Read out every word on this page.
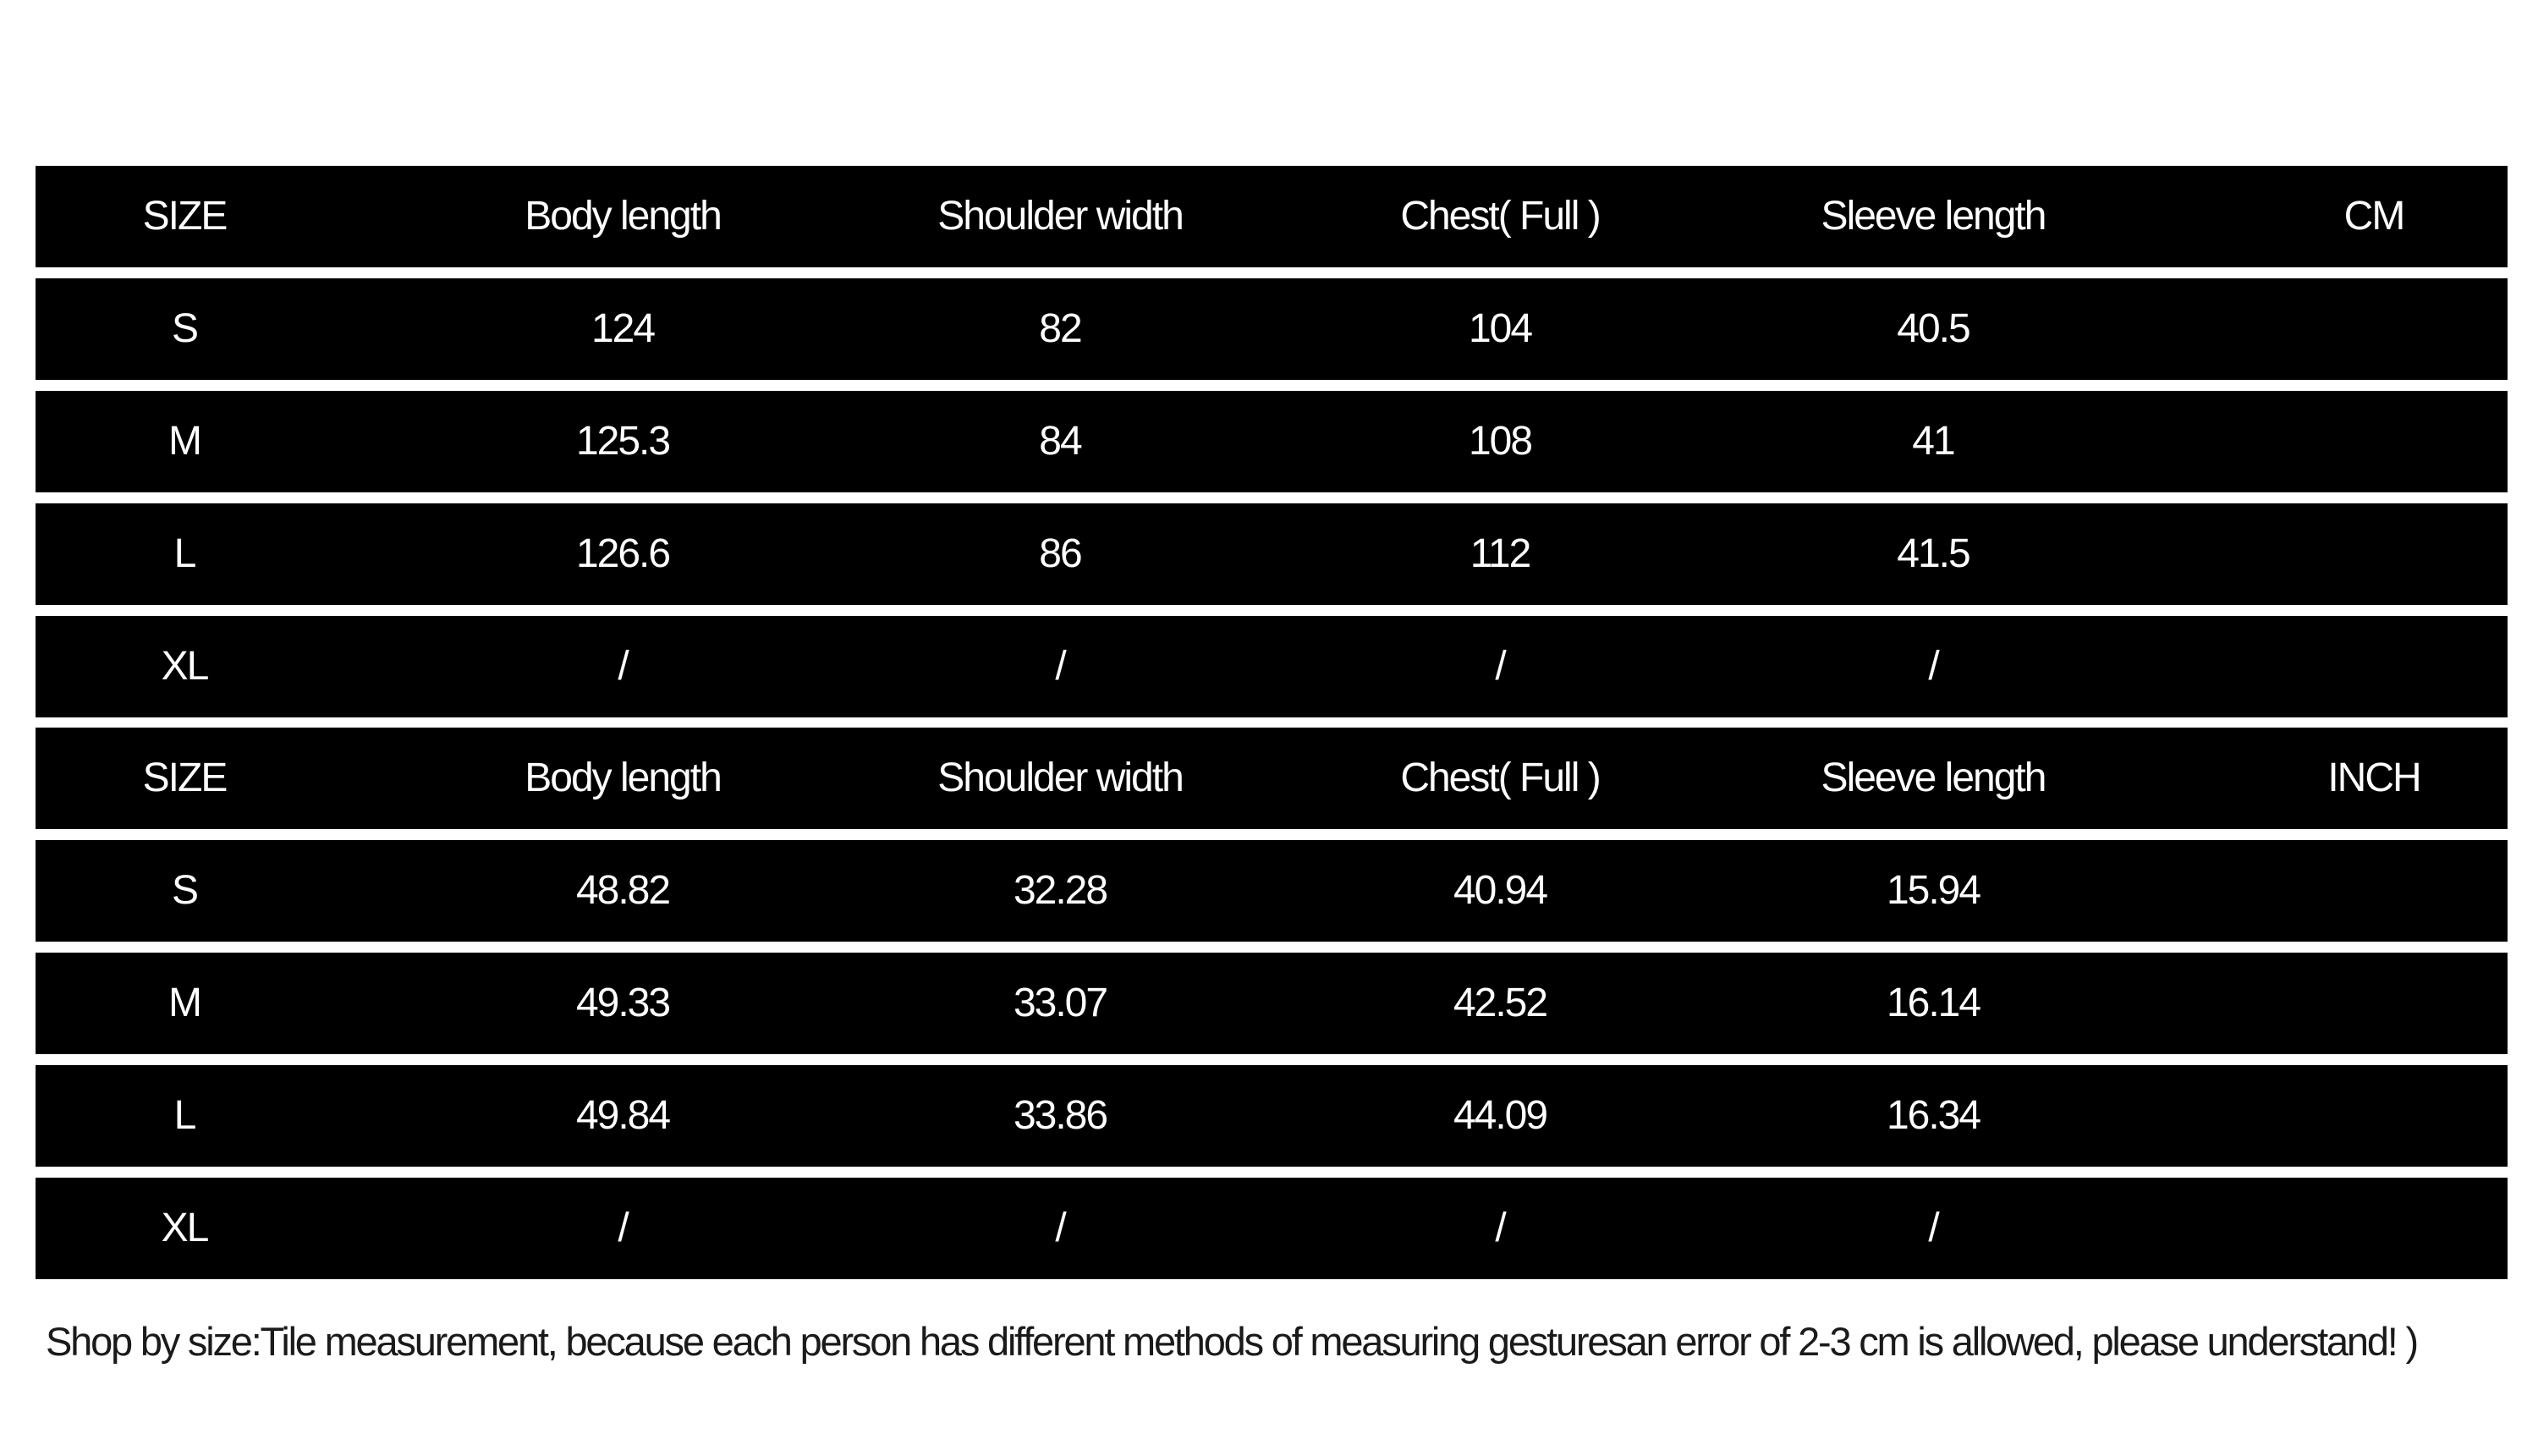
SIZE	Body length	Shoulder width	Chest( Full )	Sleeve length	CM
S	124	82	104	40.5
M	125.3	84	108	41
L	126.6	86	112	41.5
XL	/	/	/	/
SIZE	Body length	Shoulder width	Chest( Full )	Sleeve length	INCH
S	48.82	32.28	40.94	15.94
M	49.33	33.07	42.52	16.14
L	49.84	33.86	44.09	16.34
XL	/	/	/	/
Shop by size:Tile measurement, because each person has different methods of measuring gesturesan error of 2-3 cm is allowed, please understand! )
